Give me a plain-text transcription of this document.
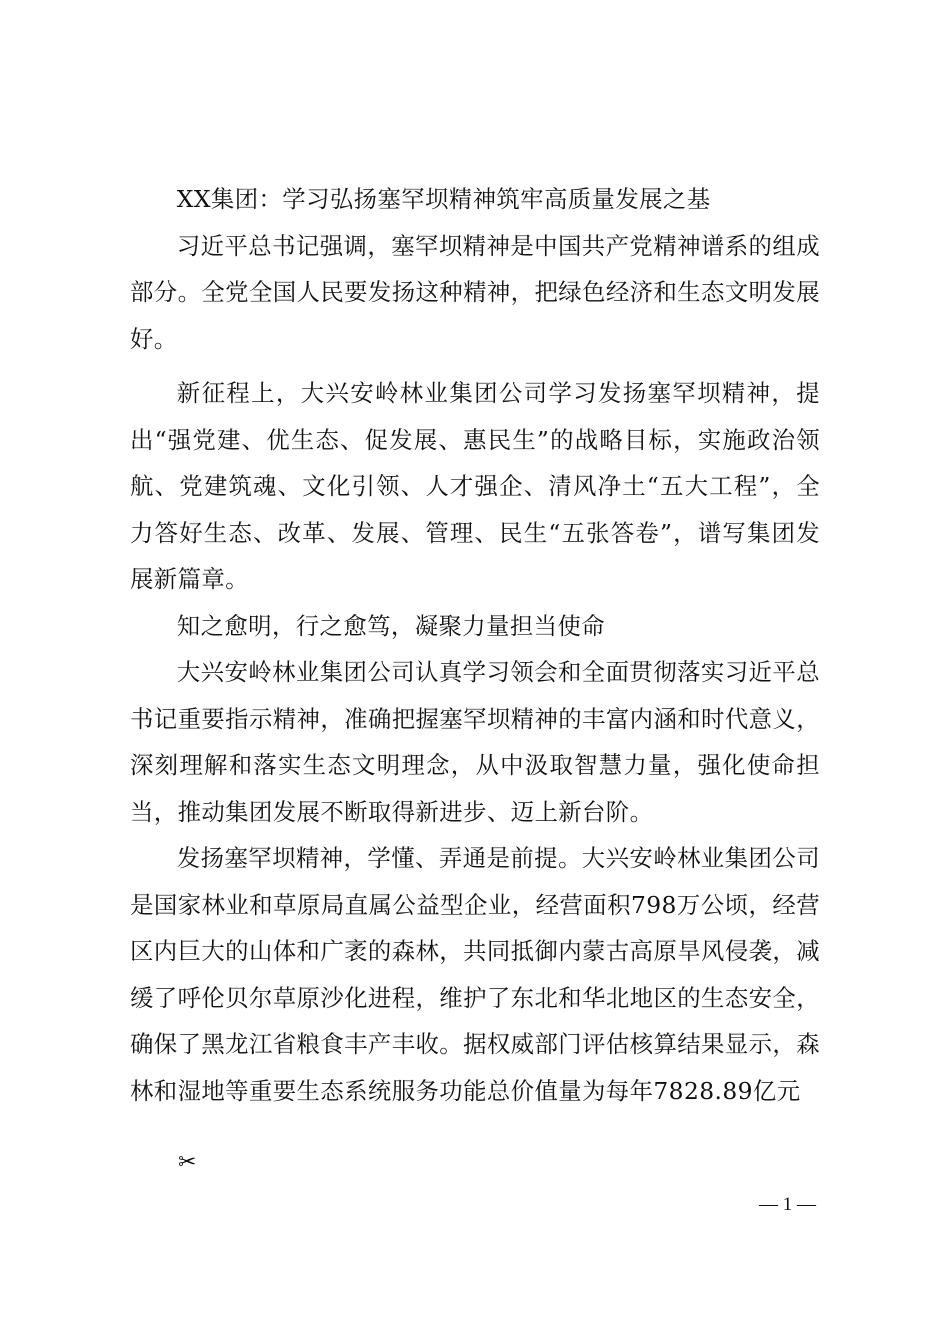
XX集团：学习弘扬塞罕坝精神筑牢高质量发展之基

习近平总书记强调，塞罕坝精神是中国共产党精神谱系的组成部分。全党全国人民要发扬这种精神，把绿色经济和生态文明发展好。

新征程上，大兴安岭林业集团公司学习发扬塞罕坝精神，提出“强党建、优生态、促发展、惠民生”的战略目标，实施政治领航、党建筑魂、文化引领、人才强企、清风净土“五大工程”，全力答好生态、改革、发展、管理、民生“五张答卷”，谱写集团发展新篇章。

知之愈明，行之愈笃，凝聚力量担当使命

大兴安岭林业集团公司认真学习领会和全面贯彻落实习近平总书记重要指示精神，准确把握塞罕坝精神的丰富内涵和时代意义，深刻理解和落实生态文明理念，从中汲取智慧力量，强化使命担当，推动集团发展不断取得新进步、迈上新台阶。

发扬塞罕坝精神，学懂、弄通是前提。大兴安岭林业集团公司是国家林业和草原局直属公益型企业，经营面积798万公顷，经营区内巨大的山体和广袤的森林，共同抵御内蒙古高原旱风侵袭，减缓了呼伦贝尔草原沙化进程，维护了东北和华北地区的生态安全，确保了黑龙江省粮食丰产丰收。据权威部门评估核算结果显示，森林和湿地等重要生态系统服务功能总价值量为每年7828.89亿元

✂
— 1 —
